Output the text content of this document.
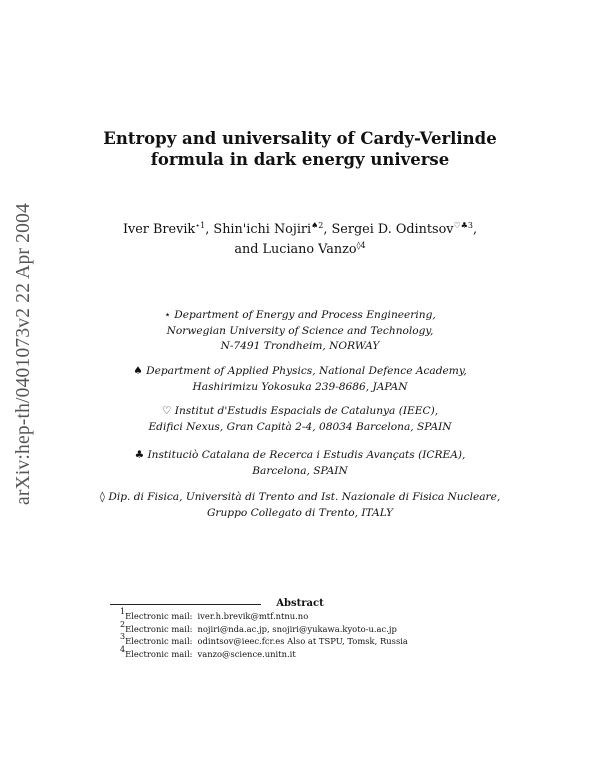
arXiv:hep-th/0401073v2 22 Apr 2004
Entropy and universality of Cardy-Verlinde
formula in dark energy universe
Iver Brevik$^{⋆1}$, Shin'ichi Nojiri$^{♠2}$, Sergei D. Odintsov$^{♡♣3}$,
and Luciano Vanzo$^{◊4}$
⋆ Department of Energy and Process Engineering,
Norwegian University of Science and Technology,
N-7491 Trondheim, NORWAY
♠ Department of Applied Physics, National Defence Academy,
Hashirimizu Yokosuka 239-8686, JAPAN
♡ Institut d'Estudis Espacials de Catalunya (IEEC),
Edifici Nexus, Gran Capità 2-4, 08034 Barcelona, SPAIN
♣ Instituciò Catalana de Recerca i Estudis Avançats (ICREA),
Barcelona, SPAIN
◊ Dip. di Fisica, Università di Trento and Ist. Nazionale di Fisica Nucleare,
Gruppo Collegato di Trento, ITALY
Abstract
$^1$Electronic mail: iver.h.brevik@mtf.ntnu.no
$^2$Electronic mail: nojiri@nda.ac.jp, snojiri@yukawa.kyoto-u.ac.jp
$^3$Electronic mail: odintsov@ieec.fcr.es Also at TSPU, Tomsk, Russia
$^4$Electronic mail: vanzo@science.unitn.it
